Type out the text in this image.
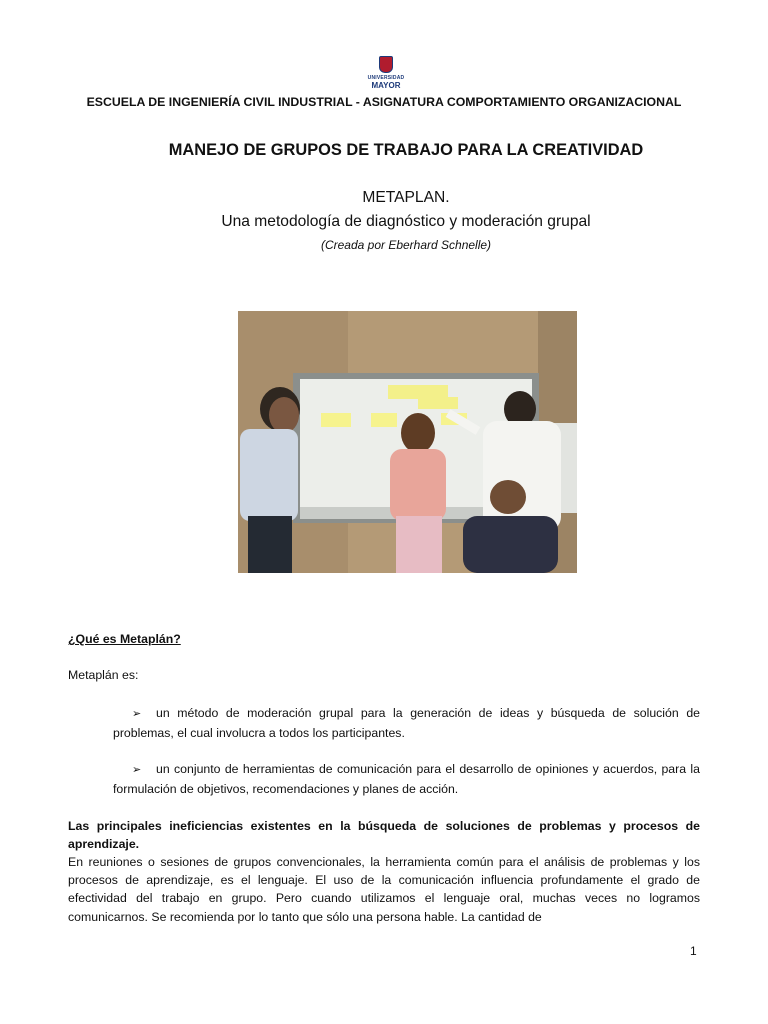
UNIVERSIDAD
MAYOR
ESCUELA DE INGENIERÍA CIVIL INDUSTRIAL - ASIGNATURA COMPORTAMIENTO ORGANIZACIONAL
MANEJO DE GRUPOS DE TRABAJO PARA LA CREATIVIDAD
METAPLAN.
Una metodología de diagnóstico y moderación grupal
(Creada por Eberhard Schnelle)
¿Qué es Metaplán?
Metaplán es:
➢ un método de moderación grupal para la generación de ideas y búsqueda de solución de problemas, el cual involucra a todos los participantes.
➢ un conjunto de herramientas de comunicación para el desarrollo de opiniones y acuerdos, para la formulación de objetivos, recomendaciones y planes de acción.
Las principales ineficiencias existentes en la búsqueda de soluciones de problemas y procesos de aprendizaje.
En reuniones o sesiones de grupos convencionales, la herramienta común para el análisis de problemas y los procesos de aprendizaje, es el lenguaje. El uso de la comunicación influencia profundamente el grado de efectividad del trabajo en grupo. Pero cuando utilizamos el lenguaje oral, muchas veces no logramos comunicarnos. Se recomienda por lo tanto que sólo una persona hable. La cantidad de
1
